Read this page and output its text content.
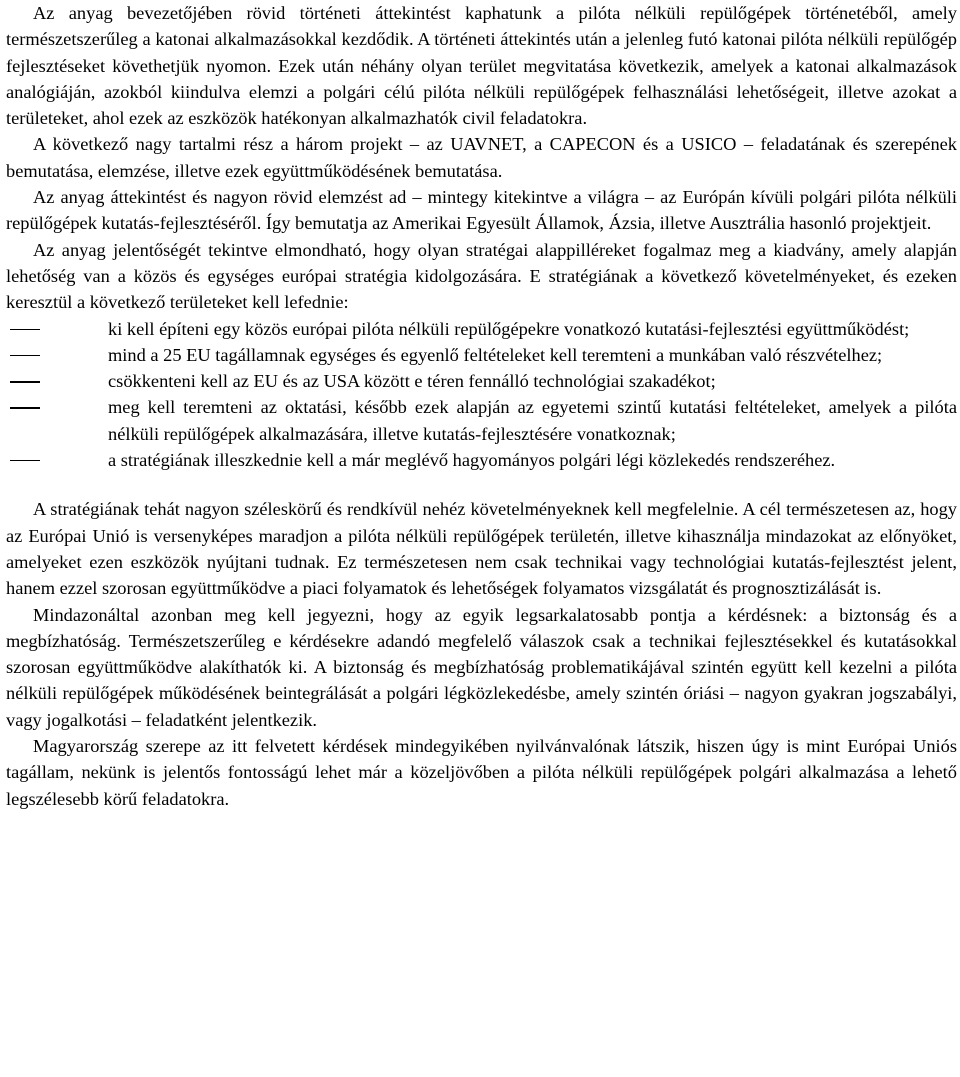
Az anyag bevezetőjében rövid történeti áttekintést kaphatunk a pilóta nélküli repülőgépek történetéből, amely természetszerűleg a katonai alkalmazásokkal kezdődik. A történeti áttekintés után a jelenleg futó katonai pilóta nélküli repülőgép fejlesztéseket követhetjük nyomon. Ezek után néhány olyan terület megvitatása következik, amelyek a katonai alkalmazások analógiáján, azokból kiindulva elemzi a polgári célú pilóta nélküli repülőgépek felhasználási lehetőségeit, illetve azokat a területeket, ahol ezek az eszközök hatékonyan alkalmazhatók civil feladatokra.

A következő nagy tartalmi rész a három projekt – az UAVNET, a CAPECON és a USICO – feladatának és szerepének bemutatása, elemzése, illetve ezek együttműködésének bemutatása.

Az anyag áttekintést és nagyon rövid elemzést ad – mintegy kitekintve a világra – az Európán kívüli polgári pilóta nélküli repülőgépek kutatás-fejlesztéséről. Így bemutatja az Amerikai Egyesült Államok, Ázsia, illetve Ausztrália hasonló projektjeit.

Az anyag jelentőségét tekintve elmondható, hogy olyan stratégai alappilléreket fogalmaz meg a kiadvány, amely alapján lehetőség van a közös és egységes európai stratégia kidolgozására. E stratégiának a következő követelményeket, és ezeken keresztül a következő területeket kell lefednie:

ki kell építeni egy közös európai pilóta nélküli repülőgépekre vonatkozó kutatási-fejlesztési együttműködést;
mind a 25 EU tagállamnak egységes és egyenlő feltételeket kell teremteni a munkában való részvételhez;
csökkenteni kell az EU és az USA között e téren fennálló technológiai szakadékot;
meg kell teremteni az oktatási, később ezek alapján az egyetemi szintű kutatási feltételeket, amelyek a pilóta nélküli repülőgépek alkalmazására, illetve kutatás-fejlesztésére vonatkoznak;
a stratégiának illeszkednie kell a már meglévő hagyományos polgári légi közlekedés rendszeréhez.

A stratégiának tehát nagyon széleskörű és rendkívül nehéz követelményeknek kell megfelelnie. A cél természetesen az, hogy az Európai Unió is versenyképes maradjon a pilóta nélküli repülőgépek területén, illetve kihasználja mindazokat az előnyöket, amelyeket ezen eszközök nyújtani tudnak. Ez természetesen nem csak technikai vagy technológiai kutatás-fejlesztést jelent, hanem ezzel szorosan együttműködve a piaci folyamatok és lehetőségek folyamatos vizsgálatát és prognosztizálását is.

Mindazonáltal azonban meg kell jegyezni, hogy az egyik legsarkalatosabb pontja a kérdésnek: a biztonság és a megbízhatóság. Természetszerűleg e kérdésekre adandó megfelelő válaszok csak a technikai fejlesztésekkel és kutatásokkal szorosan együttműködve alakíthatók ki. A biztonság és megbízhatóság problematikájával szintén együtt kell kezelni a pilóta nélküli repülőgépek működésének beintegrálását a polgári légközlekedésbe, amely szintén óriási – nagyon gyakran jogszabályi, vagy jogalkotási – feladatként jelentkezik.

Magyarország szerepe az itt felvetett kérdések mindegyikében nyilvánvalónak látszik, hiszen úgy is mint Európai Uniós tagállam, nekünk is jelentős fontosságú lehet már a közeljövőben a pilóta nélküli repülőgépek polgári alkalmazása a lehető legszélesebb körű feladatokra.
